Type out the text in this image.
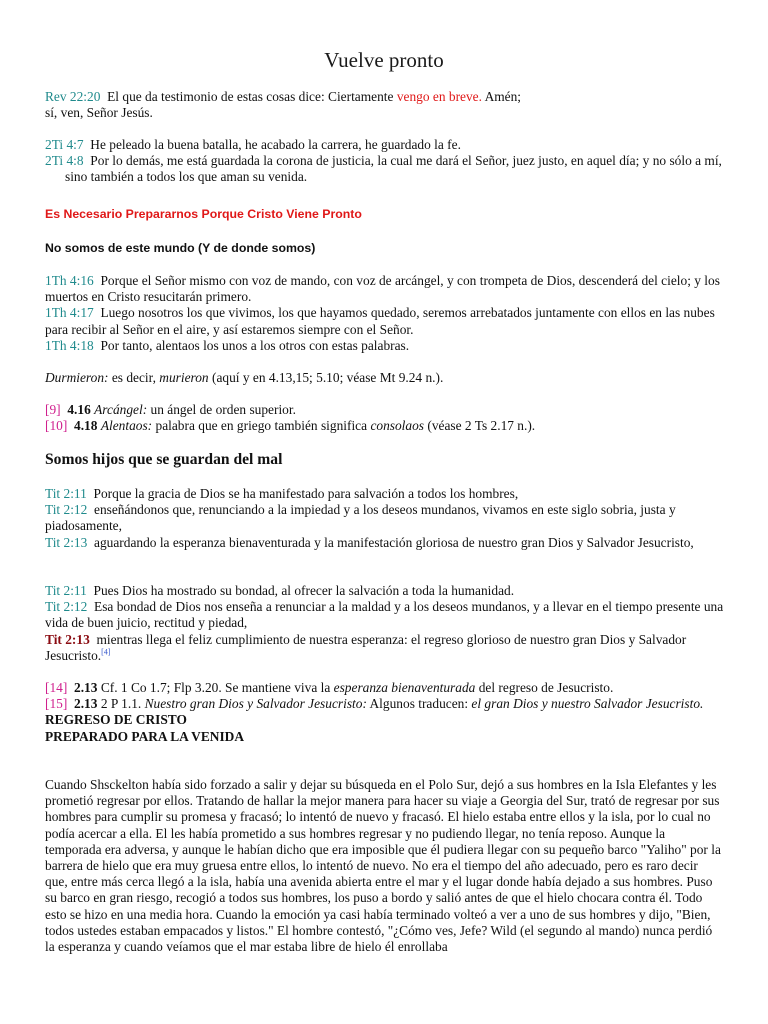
Vuelve pronto
Rev 22:20 El que da testimonio de estas cosas dice: Ciertamente vengo en breve. Amén;
sí, ven, Señor Jesús.
2Ti 4:7 He peleado la buena batalla, he acabado la carrera, he guardado la fe.
2Ti 4:8 Por lo demás, me está guardada la corona de justicia, la cual me dará el Señor, juez justo, en aquel día; y no sólo a mí, sino también a todos los que aman su venida.
Es Necesario Prepararnos Porque Cristo Viene Pronto
No somos de este mundo (Y de donde somos)

1Th 4:16 Porque el Señor mismo con voz de mando, con voz de arcángel, y con trompeta de Dios, descenderá del cielo; y los muertos en Cristo resucitarán primero.

1Th 4:17 Luego nosotros los que vivimos, los que hayamos quedado, seremos arrebatados juntamente con ellos en las nubes para recibir al Señor en el aire, y así estaremos siempre con el Señor.

1Th 4:18 Por tanto, alentaos los unos a los otros con estas palabras.

Durmieron: es decir, murieron (aquí y en 4.13,15; 5.10; véase Mt 9.24 n.).

[9] 4.16 Arcángel: un ángel de orden superior.

[10] 4.18 Alentaos: palabra que en griego también significa consolaos (véase 2 Ts 2.17 n.).

Somos hijos que se guardan del mal

Tit 2:11 Porque la gracia de Dios se ha manifestado para salvación a todos los hombres,

Tit 2:12 enseñándonos que, renunciando a la impiedad y a los deseos mundanos, vivamos en este siglo sobria, justa y piadosamente,

Tit 2:13 aguardando la esperanza bienaventurada y la manifestación gloriosa de nuestro gran Dios y Salvador Jesucristo,

Tit 2:11 Pues Dios ha mostrado su bondad, al ofrecer la salvación a toda la humanidad.

Tit 2:12 Esa bondad de Dios nos enseña a renunciar a la maldad y a los deseos mundanos, y a llevar en el tiempo presente una vida de buen juicio, rectitud y piedad,

Tit 2:13 mientras llega el feliz cumplimiento de nuestra esperanza: el regreso glorioso de nuestro gran Dios y Salvador Jesucristo.[4]

[14] 2.13 Cf. 1 Co 1.7; Flp 3.20. Se mantiene viva la esperanza bienaventurada del regreso de Jesucristo.

[15] 2.13 2 P 1.1. Nuestro gran Dios y Salvador Jesucristo: Algunos traducen: el gran Dios y nuestro Salvador Jesucristo.

REGRESO DE CRISTO

PREPARADO PARA LA VENIDA

Cuando Shsckelton había sido forzado a salir y dejar su búsqueda en el Polo Sur, dejó a sus hombres en la Isla Elefantes y les prometió regresar por ellos. Tratando de hallar la mejor manera para hacer su viaje a Georgia del Sur, trató de regresar por sus hombres para cumplir su promesa y fracasó; lo intentó de nuevo y fracasó. El hielo estaba entre ellos y la isla, por lo cual no podía acercar a ella. El les había prometido a sus hombres regresar y no pudiendo llegar, no tenía reposo. Aunque la temporada era adversa, y aunque le habían dicho que era imposible que él pudiera llegar con su pequeño barco "Yaliho" por la barrera de hielo que era muy gruesa entre ellos, lo intentó de nuevo. No era el tiempo del año adecuado, pero es raro decir que, entre más cerca llegó a la isla, había una avenida abierta entre el mar y el lugar donde había dejado a sus hombres. Puso su barco en gran riesgo, recogió a todos sus hombres, los puso a bordo y salió antes de que el hielo chocara contra él. Todo esto se hizo en una media hora. Cuando la emoción ya casi había terminado volteó a ver a uno de sus hombres y dijo, "Bien, todos ustedes estaban empacados y listos." El hombre contestó, "¿Cómo ves, Jefe? Wild (el segundo al mando) nunca perdió la esperanza y cuando veíamos que el mar estaba libre de hielo él enrollaba
